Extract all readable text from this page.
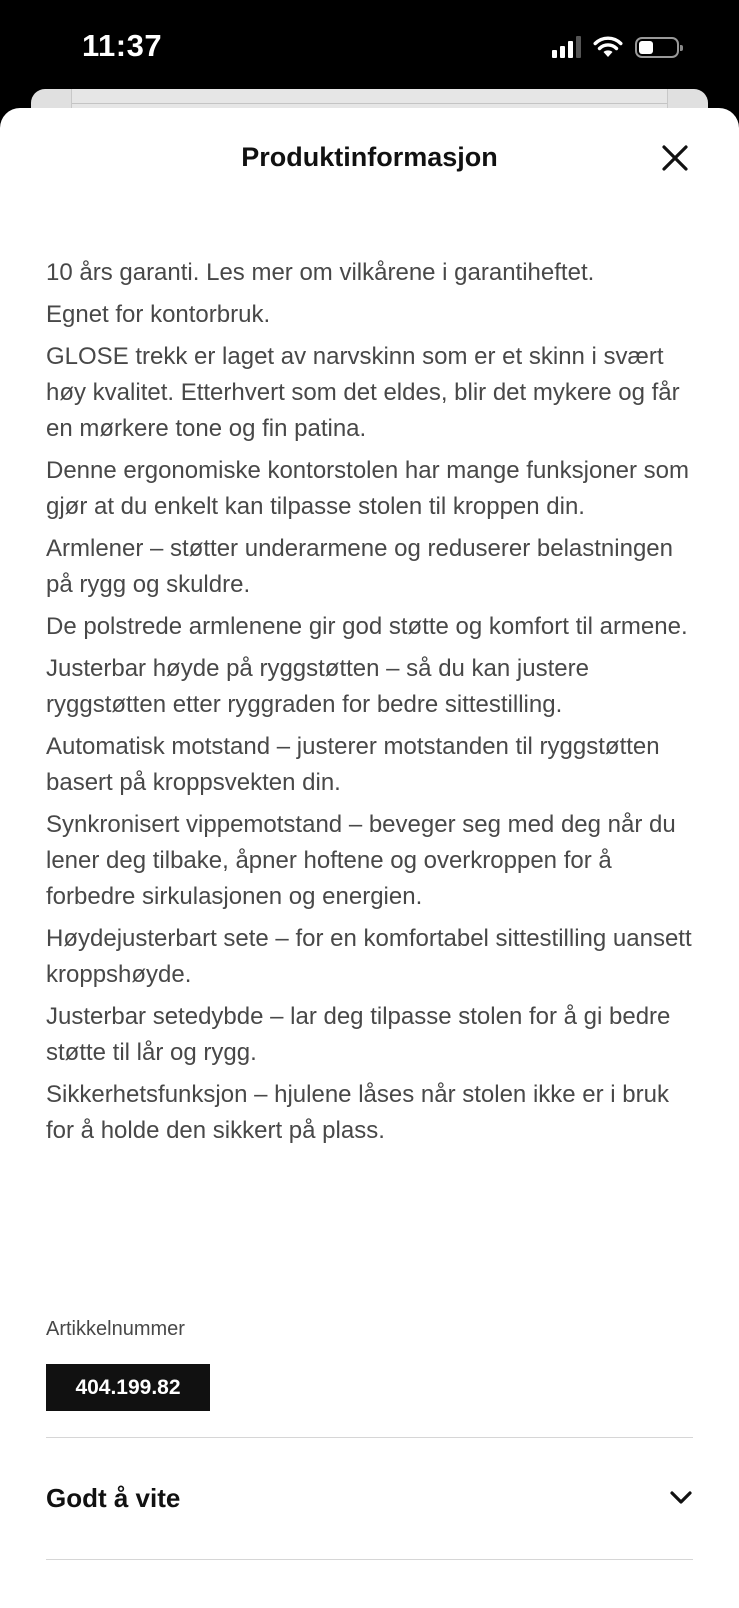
11:37
Produktinformasjon

10 års garanti. Les mer om vilkårene i garantiheftet.

Egnet for kontorbruk.

GLOSE trekk er laget av narvskinn som er et skinn i svært høy kvalitet. Etterhvert som det eldes, blir det mykere og får en mørkere tone og fin patina.

Denne ergonomiske kontorstolen har mange funksjoner som gjør at du enkelt kan tilpasse stolen til kroppen din.

Armlener – støtter underarmene og reduserer belastningen på rygg og skuldre.

De polstrede armlenene gir god støtte og komfort til armene.

Justerbar høyde på ryggstøtten – så du kan justere ryggstøtten etter ryggraden for bedre sittestilling.

Automatisk motstand – justerer motstanden til ryggstøtten basert på kroppsvekten din.

Synkronisert vippemotstand – beveger seg med deg når du lener deg tilbake, åpner hoftene og overkroppen for å forbedre sirkulasjonen og energien.

Høydejusterbart sete – for en komfortabel sittestilling uansett kroppshøyde.

Justerbar setedybde – lar deg tilpasse stolen for å gi bedre støtte til lår og rygg.

Sikkerhetsfunksjon – hjulene låses når stolen ikke er i bruk for å holde den sikkert på plass.

Artikkelnummer
404.199.82
Godt å vite
